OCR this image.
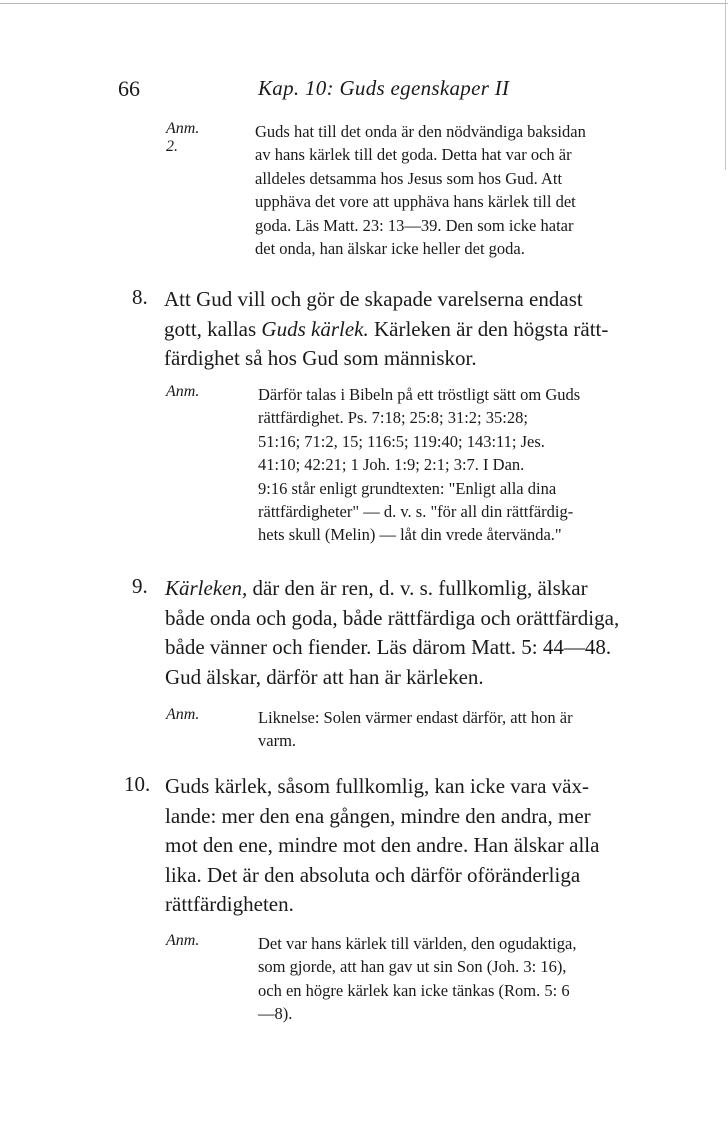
66	Kap. 10: Guds egenskaper II
Anm. 2.
Guds hat till det onda är den nödvändiga baksidan
av hans kärlek till det goda. Detta hat var och är
alldeles detsamma hos Jesus som hos Gud. Att
upphäva det vore att upphäva hans kärlek till det
goda. Läs Matt. 23: 13—39. Den som icke hatar
det onda, han älskar icke heller det goda.
8. Att Gud vill och gör de skapade varelserna endast
gott, kallas Guds kärlek. Kärleken är den högsta rätt-
färdighet så hos Gud som människor.
Anm.	Därför talas i Bibeln på ett tröstligt sätt om Guds
rättfärdighet. Ps. 7:18; 25:8; 31:2; 35:28;
51:16; 71:2, 15; 116:5; 119:40; 143:11; Jes.
41:10; 42:21; 1 Joh. 1:9; 2:1; 3:7. I Dan.
9:16 står enligt grundtexten: "Enligt alla dina
rättfärdigheter" — d. v. s. "för all din rättfärdig-
hets skull (Melin) — låt din vrede återvända."
9. Kärleken, där den är ren, d. v. s. fullkomlig, älskar
både onda och goda, både rättfärdiga och orättfärdiga,
både vänner och fiender. Läs därom Matt. 5: 44—48.
Gud älskar, därför att han är kärleken.
Anm.	Liknelse: Solen värmer endast därför, att hon är
varm.
10. Guds kärlek, såsom fullkomlig, kan icke vara väx-
lande: mer den ena gången, mindre den andra, mer
mot den ene, mindre mot den andre. Han älskar alla
lika. Det är den absoluta och därför oföränderliga
rättfärdigheten.
Anm.	Det var hans kärlek till världen, den ogudaktiga,
som gjorde, att han gav ut sin Son (Joh. 3: 16),
och en högre kärlek kan icke tänkas (Rom. 5: 6
—8).
